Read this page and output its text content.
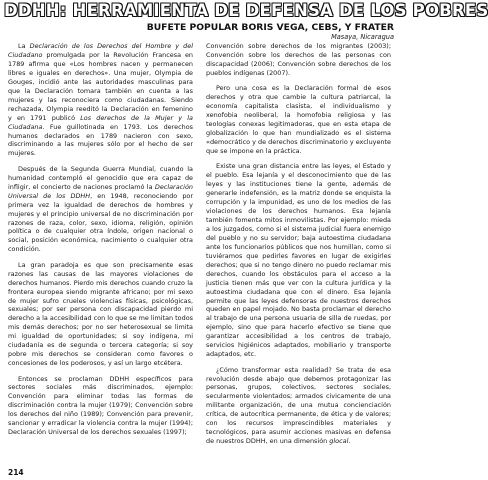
DDHH: HERRAMIENTA DE DEFENSA DE LOS POBRES
BUFETE POPULAR BORIS VEGA, CEBS, Y FRATER
Masaya, Nicaragua

La Declaración de los Derechos del Hombre y del Ciudadano promulgada por la Revolución Francesa en 1789 afirma que «Los hombres nacen y permanecen libres e iguales en derechos». Una mujer, Olympia de Gouges, incidió ante las autoridades masculinas para que la Declaración tomara también en cuenta a las mujeres y las reconociera como ciudadanas. Siendo rechazada, Olympia reeditó la Declaración en femenino y en 1791 publicó Los derechos de la Mujer y la Ciudadana. Fue guillotinada en 1793. Los derechos humanos declarados en 1789 nacieron con sexo, discriminando a las mujeres sólo por el hecho de ser mujeres.

Después de la Segunda Guerra Mundial, cuando la humanidad contempló el genocidio que era capaz de infligir, el concierto de naciones proclamó la Declaración Universal de los DDHH, en 1948, reconociendo por primera vez la igualdad de derechos de hombres y mujeres y el principio universal de no discriminación por razones de raza, color, sexo, idioma, religión, opinión política o de cualquier otra índole, origen nacional o social, posición económica, nacimiento o cualquier otra condición.

La gran paradoja es que son precisamente esas razones las causas de las mayores violaciones de derechos humanos. Pierdo mis derechos cuando cruzo la frontera europea siendo migrante africano; por mi sexo de mujer sufro crueles violencias físicas, psicológicas, sexuales; por ser persona con discapacidad pierdo mi derecho a la accesibilidad con lo que se me limitan todos mis demás derechos; por no ser heterosexual se limita mi igualdad de oportunidades; si soy indígena, mi ciudadanía es de segunda o tercera categoría; si soy pobre mis derechos se consideran como favores o concesiones de los poderosos, y así un largo etcétera.

Entonces se proclaman DDHH específicos para sectores sociales más discriminados, ejemplo: Convención para eliminar todas las formas de discriminación contra la mujer (1979); Convención sobre los derechos del niño (1989); Convención para prevenir, sancionar y erradicar la violencia contra la mujer (1994); Declaración Universal de los derechos sexuales (1997);

Convención sobre derechos de los migrantes (2003); Convención sobre los derechos de las personas con discapacidad (2006); Convención sobre derechos de los pueblos indígenas (2007).

Pero una cosa es la Declaración formal de esos derechos y otra que cambie la cultura patriarcal, la economía capitalista clasista, el individualismo y xenofobia neoliberal, la homofobia religiosa y las teologías conexas legitimadoras, que en esta etapa de globalización lo que han mundializado es el sistema «democrático y de derechos discriminatorio y excluyente que se impone en la práctica.

Existe una gran distancia entre las leyes, el Estado y el pueblo. Esa lejanía y el desconocimiento que de las leyes y las instituciones tiene la gente, además de generarle indefensión, es la matriz donde se enquista la corrupción y la impunidad, es uno de los medios de las violaciones de los derechos humanos. Esa lejanía también fomenta mitos inmovilistas. Por ejemplo: mieda a los juzgados, como si el sistema judicial fuera enemigo del pueblo y no su servidor; baja autoestima ciudadana ante los funcionarios públicos que nos humillan, como si tuviéramos que pedirles favores en lugar de exigirles derechos; que si no tengo dinero no puedo reclamar mis derechos, cuando los obstáculos para el acceso a la justicia tienen más que ver con la cultura jurídica y la autoestima ciudadana que con el dinero. Esa lejanía permite que las leyes defensoras de nuestros derechos queden en papel mojado. No basta proclamar el derecho al trabajo de una persona usuaria de silla de ruedas, por ejemplo, sino que para hacerlo efectivo se tiene que garantizar accesibilidad a los centros de trabajo, servicios higiénicos adaptados, mobiliario y transporte adaptados, etc.

¿Cómo transformar esta realidad? Se trata de esa revolución desde abajo que debemos protagonizar las personas, grupos, colectivos, sectores sociales, secularmente violentados; armados civicamente de una militante organización, de una mutua concienciación crítica, de autocrítica permanente, de ética y de valores; con los recursos imprescindibles materiales y tecnológicos, para asumir acciones masivas en defensa de nuestros DDHH, en una dimensión glocal.

214
